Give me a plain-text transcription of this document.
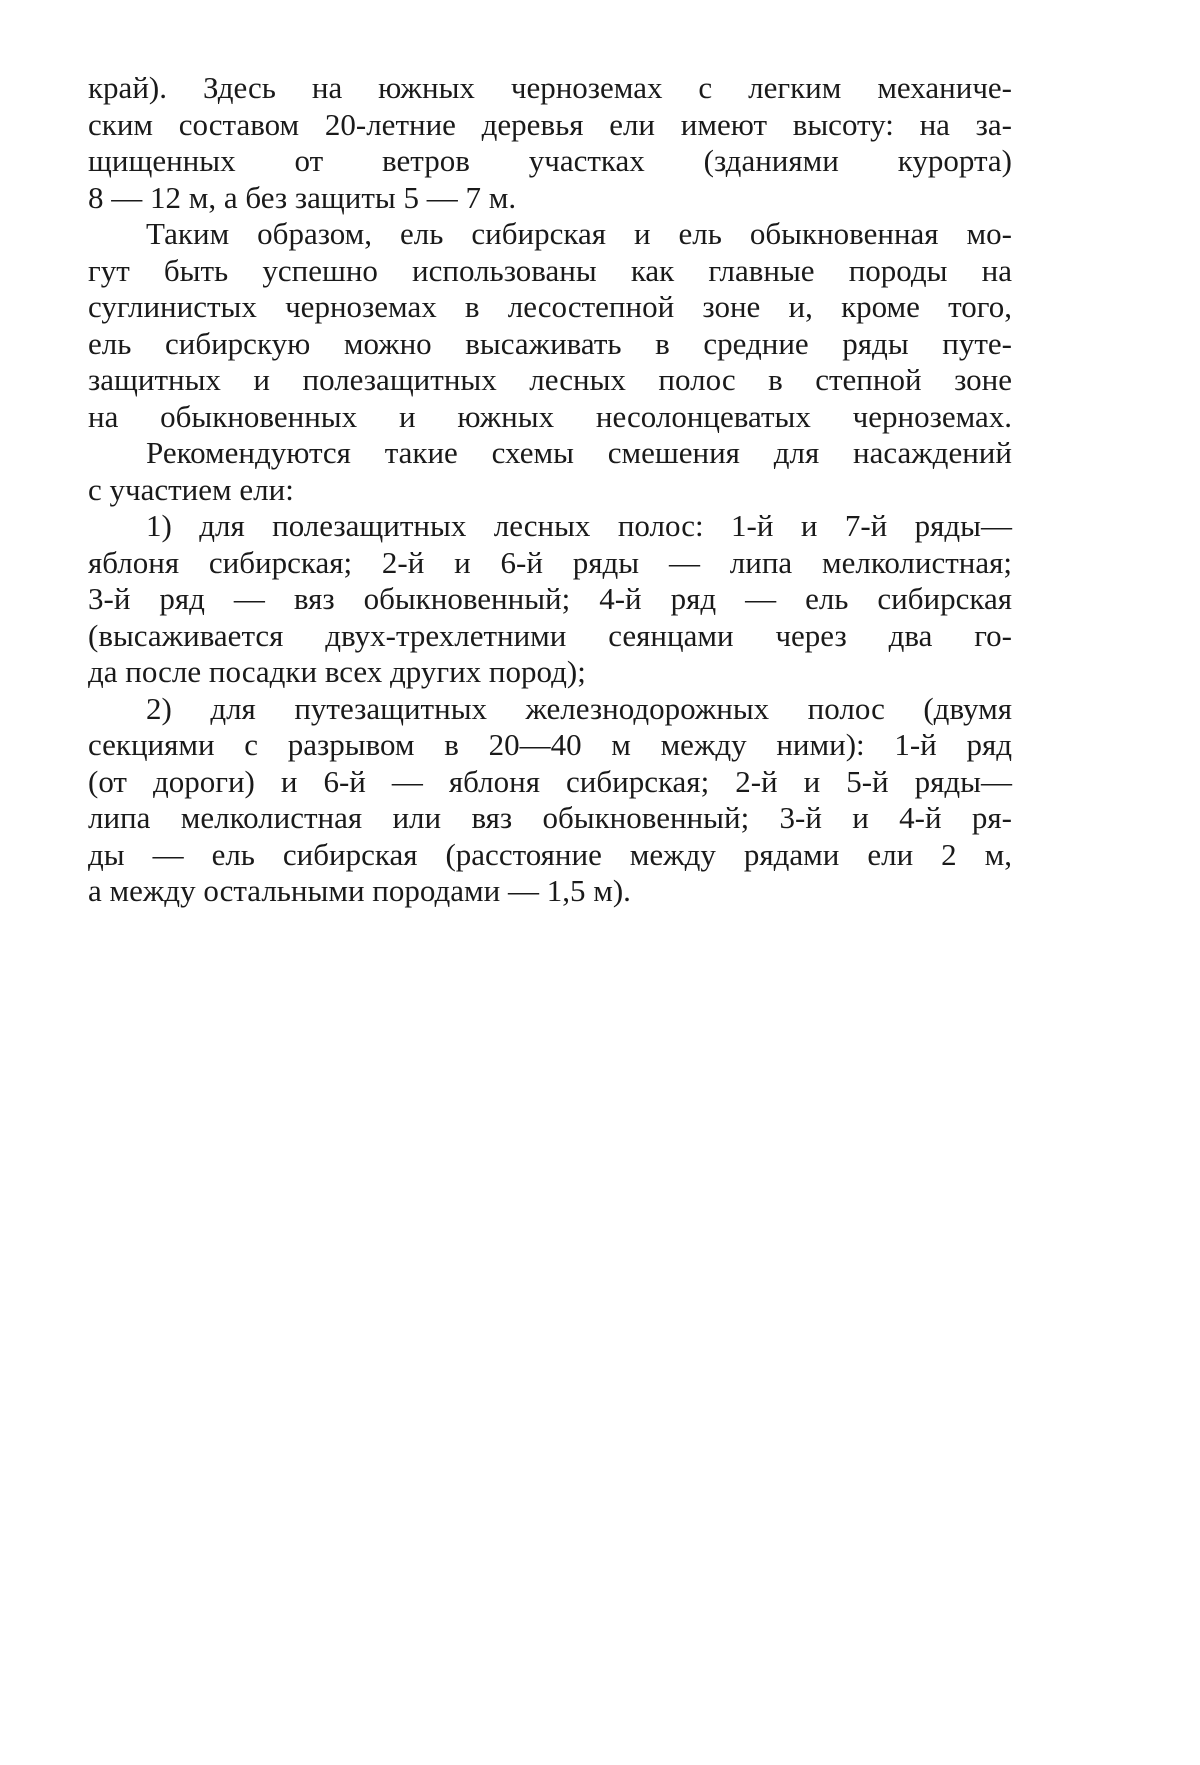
край). Здесь на южных черноземах с легким механиче-
ским составом 20-летние деревья ели имеют высоту: на за-
щищенных от ветров участках (зданиями курорта)
8 — 12 м, а без защиты 5 — 7 м.

Таким образом, ель сибирская и ель обыкновенная мо-
гут быть успешно использованы как главные породы на
суглинистых черноземах в лесостепной зоне и, кроме того,
ель сибирскую можно высаживать в средние ряды путе-
защитных и полезащитных лесных полос в степной зоне
на обыкновенных и южных несолонцеватых черноземах.

Рекомендуются такие схемы смешения для насаждений
с участием ели:

1) для полезащитных лесных полос: 1-й и 7-й ряды—
яблоня сибирская; 2-й и 6-й ряды — липа мелколистная;
3-й ряд — вяз обыкновенный; 4-й ряд — ель сибирская
(высаживается двух-трехлетними сеянцами через два го-
да после посадки всех других пород);

2) для путезащитных железнодорожных полос (двумя
секциями с разрывом в 20—40 м между ними): 1-й ряд
(от дороги) и 6-й — яблоня сибирская; 2-й и 5-й ряды—
липа мелколистная или вяз обыкновенный; 3-й и 4-й ря-
ды — ель сибирская (расстояние между рядами ели 2 м,
а между остальными породами — 1,5 м).
